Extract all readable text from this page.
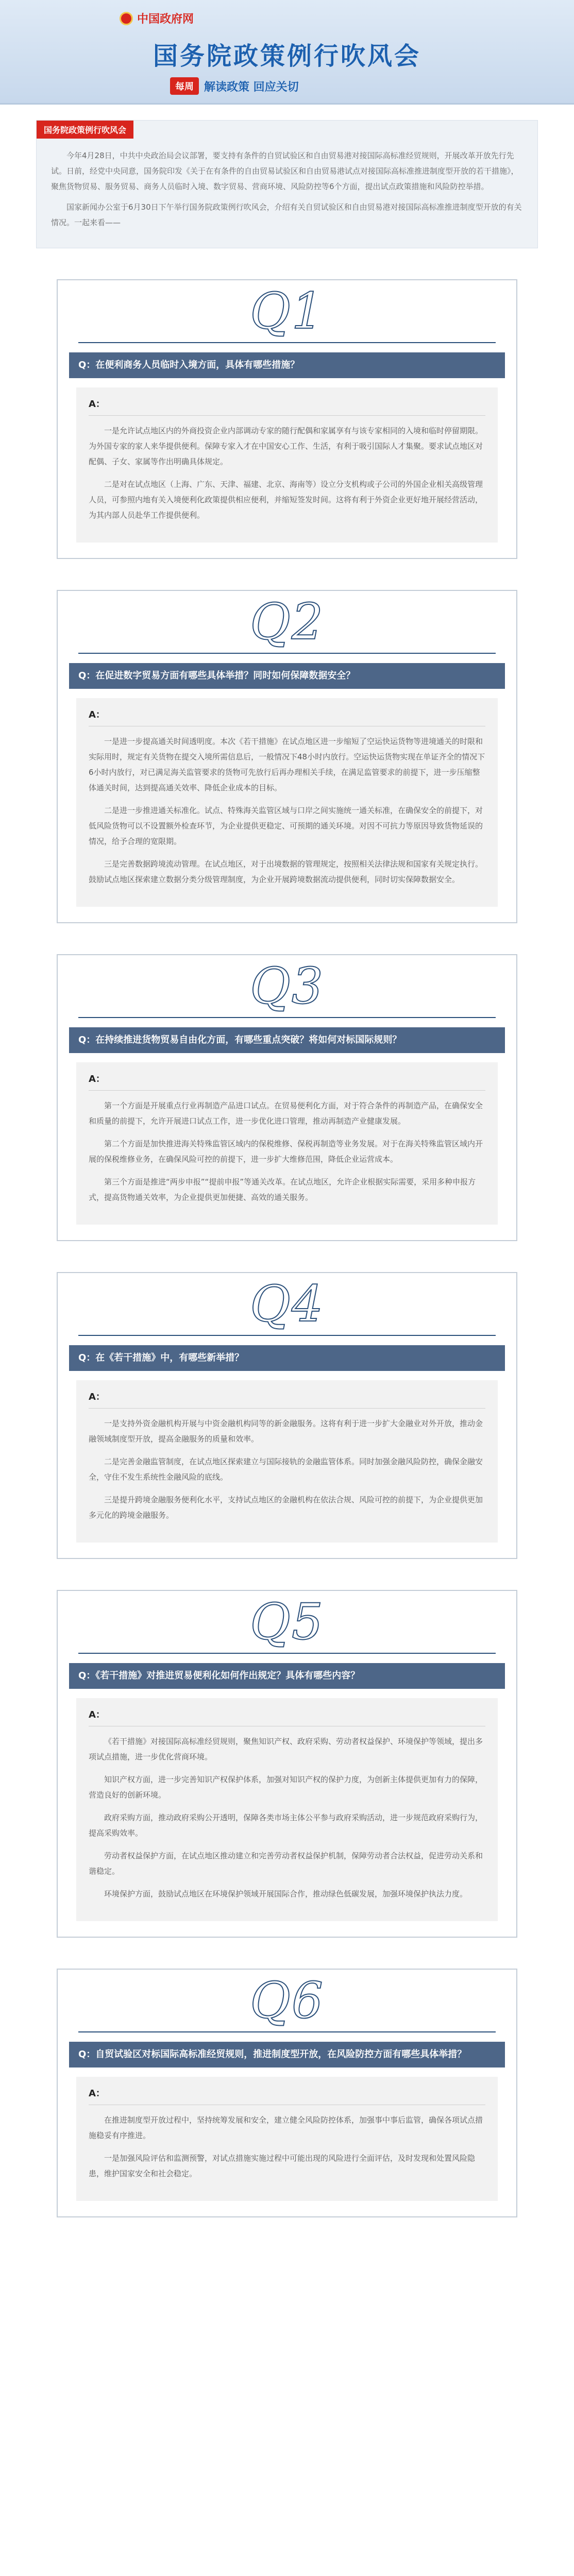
中国政府网
国务院政策例行吹风会
每周 解读政策 回应关切
国务院政策例行吹风会

今年4月28日，中共中央政治局会议部署，要支持有条件的自贸试验区和自由贸易港对接国际高标准经贸规则，开展改革开放先行先试。日前，经党中央同意，国务院印发《关于在有条件的自由贸易试验区和自由贸易港试点对接国际高标准推进制度型开放的若干措施》，聚焦货物贸易、服务贸易、商务人员临时入境、数字贸易、营商环境、风险防控等6个方面，提出试点政策措施和风险防控举措。

国家新闻办公室于6月30日下午举行国务院政策例行吹风会，介绍有关自贸试验区和自由贸易港对接国际高标准推进制度型开放的有关情况。一起来看——

Q1
Q：在便利商务人员临时入境方面，具体有哪些措施？
A：

一是允许试点地区内的外商投资企业内部调动专家的随行配偶和家属享有与该专家相同的入境和临时停留期限。为外国专家的家人来华提供便利。保障专家入才在中国安心工作、生活，有利于吸引国际人才集聚。要求试点地区对配偶、子女、家属等作出明确具体规定。

二是对在试点地区（上海、广东、天津、福建、北京、海南等）设立分支机构或子公司的外国企业相关高级管理人员，可参照内地有关入境便利化政策提供相应便利，并缩短签发时间。这将有利于外资企业更好地开展经营活动，为其内部人员赴华工作提供便利。

Q2
Q：在促进数字贸易方面有哪些具体举措？同时如何保障数据安全？
A：

一是进一步提高通关时间透明度。本次《若干措施》在试点地区进一步缩短了空运快运货物等进境通关的时限和实际用时，规定有关货物在提交入境所需信息后，一般情况下48小时内放行。空运快运货物实现在单证齐全的情况下6小时内放行，对已满足海关监管要求的货物可先放行后再办理相关手续，在满足监管要求的前提下，进一步压缩整体通关时间，达到提高通关效率、降低企业成本的目标。

二是进一步推进通关标准化。试点、特殊海关监管区域与口岸之间实施统一通关标准，在确保安全的前提下，对低风险货物可以不设置额外检查环节，为企业提供更稳定、可预期的通关环境。对因不可抗力等原因导致货物延误的情况，给予合理的宽限期。

三是完善数据跨境流动管理。在试点地区，对于出境数据的管理规定，按照相关法律法规和国家有关规定执行。鼓励试点地区探索建立数据分类分级管理制度，为企业开展跨境数据流动提供便利，同时切实保障数据安全。

Q3
Q：在持续推进货物贸易自由化方面，有哪些重点突破？将如何对标国际规则？
A：

第一个方面是开展重点行业再制造产品进口试点。在贸易便利化方面，对于符合条件的再制造产品，在确保安全和质量的前提下，允许开展进口试点工作，进一步优化进口管理，推动再制造产业健康发展。

第二个方面是加快推进海关特殊监管区域内的保税维修、保税再制造等业务发展。对于在海关特殊监管区域内开展的保税维修业务，在确保风险可控的前提下，进一步扩大维修范围，降低企业运营成本。

第三个方面是推进“两步申报”“提前申报”等通关改革。在试点地区，允许企业根据实际需要，采用多种申报方式，提高货物通关效率，为企业提供更加便捷、高效的通关服务。

Q4
Q：在《若干措施》中，有哪些新举措？
A：

一是支持外资金融机构开展与中资金融机构同等的新金融服务。这将有利于进一步扩大金融业对外开放，推动金融领域制度型开放，提高金融服务的质量和效率。

二是完善金融监管制度，在试点地区探索建立与国际接轨的金融监管体系。同时加强金融风险防控，确保金融安全，守住不发生系统性金融风险的底线。

三是提升跨境金融服务便利化水平，支持试点地区的金融机构在依法合规、风险可控的前提下，为企业提供更加多元化的跨境金融服务。

Q5
Q：《若干措施》对推进贸易便利化如何作出规定？具体有哪些内容？
A：

《若干措施》对接国际高标准经贸规则，聚焦知识产权、政府采购、劳动者权益保护、环境保护等领域，提出多项试点措施，进一步优化营商环境。

知识产权方面，进一步完善知识产权保护体系，加强对知识产权的保护力度，为创新主体提供更加有力的保障，营造良好的创新环境。

政府采购方面，推动政府采购公开透明，保障各类市场主体公平参与政府采购活动，进一步规范政府采购行为，提高采购效率。

劳动者权益保护方面，在试点地区推动建立和完善劳动者权益保护机制，保障劳动者合法权益，促进劳动关系和谐稳定。

环境保护方面，鼓励试点地区在环境保护领域开展国际合作，推动绿色低碳发展，加强环境保护执法力度。

Q6
Q：自贸试验区对标国际高标准经贸规则，推进制度型开放，在风险防控方面有哪些具体举措？
A：

在推进制度型开放过程中，坚持统筹发展和安全，建立健全风险防控体系，加强事中事后监管，确保各项试点措施稳妥有序推进。

一是加强风险评估和监测预警，对试点措施实施过程中可能出现的风险进行全面评估，及时发现和处置风险隐患，维护国家安全和社会稳定。
